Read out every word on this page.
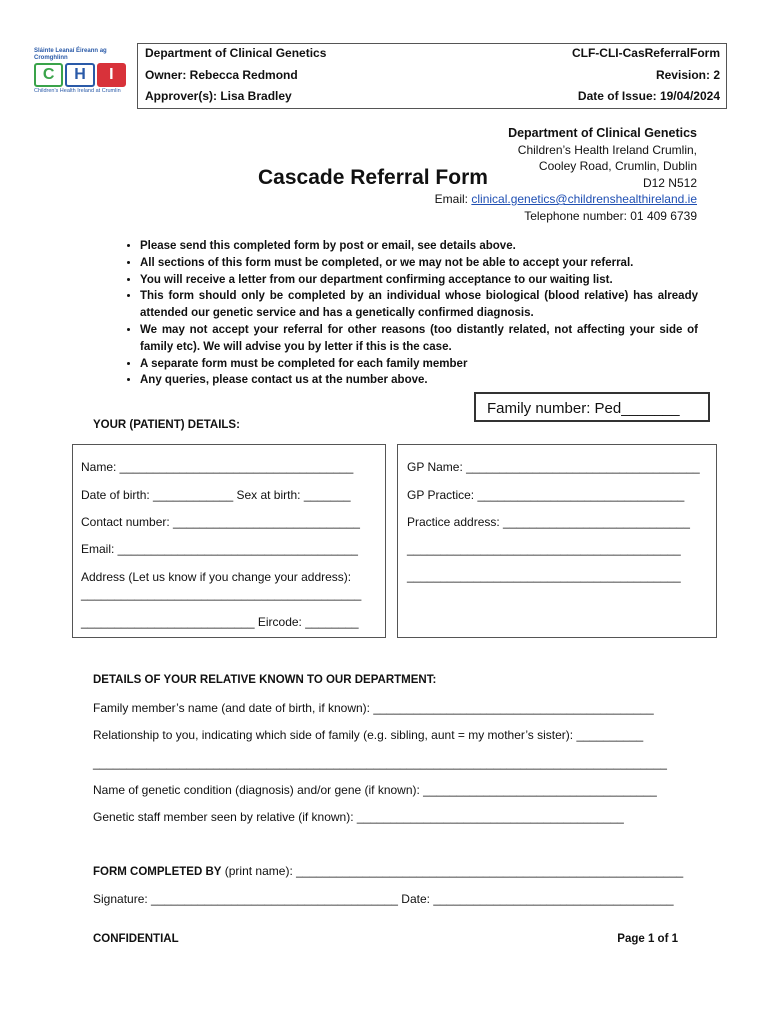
Sláinte Leanaí Éireann ag Cromghlinn
C	H	I
Children's Health Ireland at Crumlin
Department of Clinical Genetics	CLF-CLI-CasReferralForm
Owner: Rebecca Redmond	Revision: 2
Approver(s): Lisa Bradley	Date of Issue: 19/04/2024
Department of Clinical Genetics
Children’s Health Ireland Crumlin,
Cooley Road, Crumlin, Dublin
D12 N512
Email: clinical.genetics@childrenshealthireland.ie
Telephone number: 01 409 6739
Cascade Referral Form
• Please send this completed form by post or email, see details above.
• All sections of this form must be completed, or we may not be able to accept your referral.
• You will receive a letter from our department confirming acceptance to our waiting list.
• This form should only be completed by an individual whose biological (blood relative) has already attended our genetic service and has a genetically confirmed diagnosis.
• We may not accept your referral for other reasons (too distantly related, not affecting your side of family etc). We will advise you by letter if this is the case.
• A separate form must be completed for each family member
• Any queries, please contact us at the number above.
Family number: Ped_______
YOUR (PATIENT) DETAILS:
Name: ___________________________________
Date of birth: ____________ Sex at birth: _______
Contact number: ____________________________
Email: ____________________________________
Address (Let us know if you change your address):
__________________________________________
__________________________ Eircode: ________
GP Name: ___________________________________
GP Practice: _______________________________
Practice address: ____________________________
_________________________________________
_________________________________________
DETAILS OF YOUR RELATIVE KNOWN TO OUR DEPARTMENT:
Family member’s name (and date of birth, if known): __________________________________________
Relationship to you, indicating which side of family (e.g. sibling, aunt = my mother’s sister): __________
______________________________________________________________________________________
Name of genetic condition (diagnosis) and/or gene (if known): ___________________________________
Genetic staff member seen by relative (if known): ________________________________________
FORM COMPLETED BY (print name): __________________________________________________________
Signature: _____________________________________ Date: ____________________________________
CONFIDENTIAL	Page 1 of 1
